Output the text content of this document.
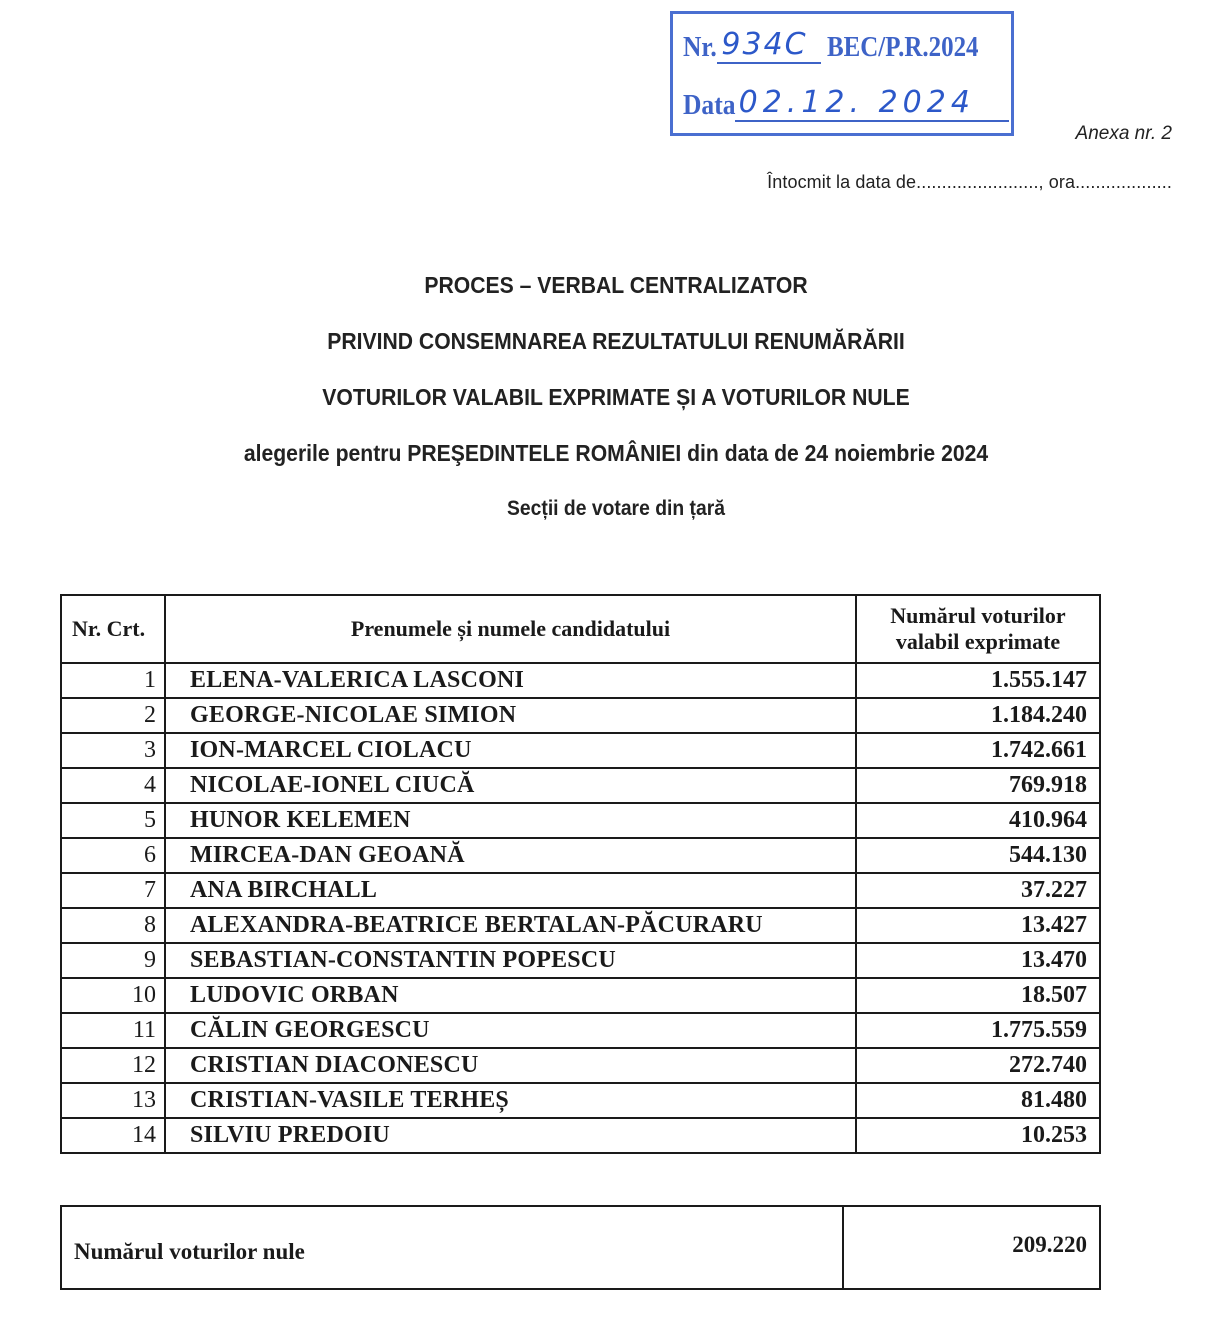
Nr. 934C BEC/P.R.2024
Data 02.12. 2024
Anexa nr. 2
Întocmit la data de........................, ora...................
PROCES – VERBAL CENTRALIZATOR
PRIVIND CONSEMNAREA REZULTATULUI RENUMĂRĂRII
VOTURILOR VALABIL EXPRIMATE ȘI A VOTURILOR NULE
alegerile pentru PREŞEDINTELE ROMÂNIEI din data de 24 noiembrie 2024
Secții de votare din țară
Nr. Crt.	Prenumele și numele candidatului	Numărul voturilor valabil exprimate
1	ELENA-VALERICA LASCONI	1.555.147
2	GEORGE-NICOLAE SIMION	1.184.240
3	ION-MARCEL CIOLACU	1.742.661
4	NICOLAE-IONEL CIUCĂ	769.918
5	HUNOR KELEMEN	410.964
6	MIRCEA-DAN GEOANĂ	544.130
7	ANA BIRCHALL	37.227
8	ALEXANDRA-BEATRICE BERTALAN-PĂCURARU	13.427
9	SEBASTIAN-CONSTANTIN POPESCU	13.470
10	LUDOVIC ORBAN	18.507
11	CĂLIN GEORGESCU	1.775.559
12	CRISTIAN DIACONESCU	272.740
13	CRISTIAN-VASILE TERHEȘ	81.480
14	SILVIU PREDOIU	10.253
Numărul voturilor nule	209.220
